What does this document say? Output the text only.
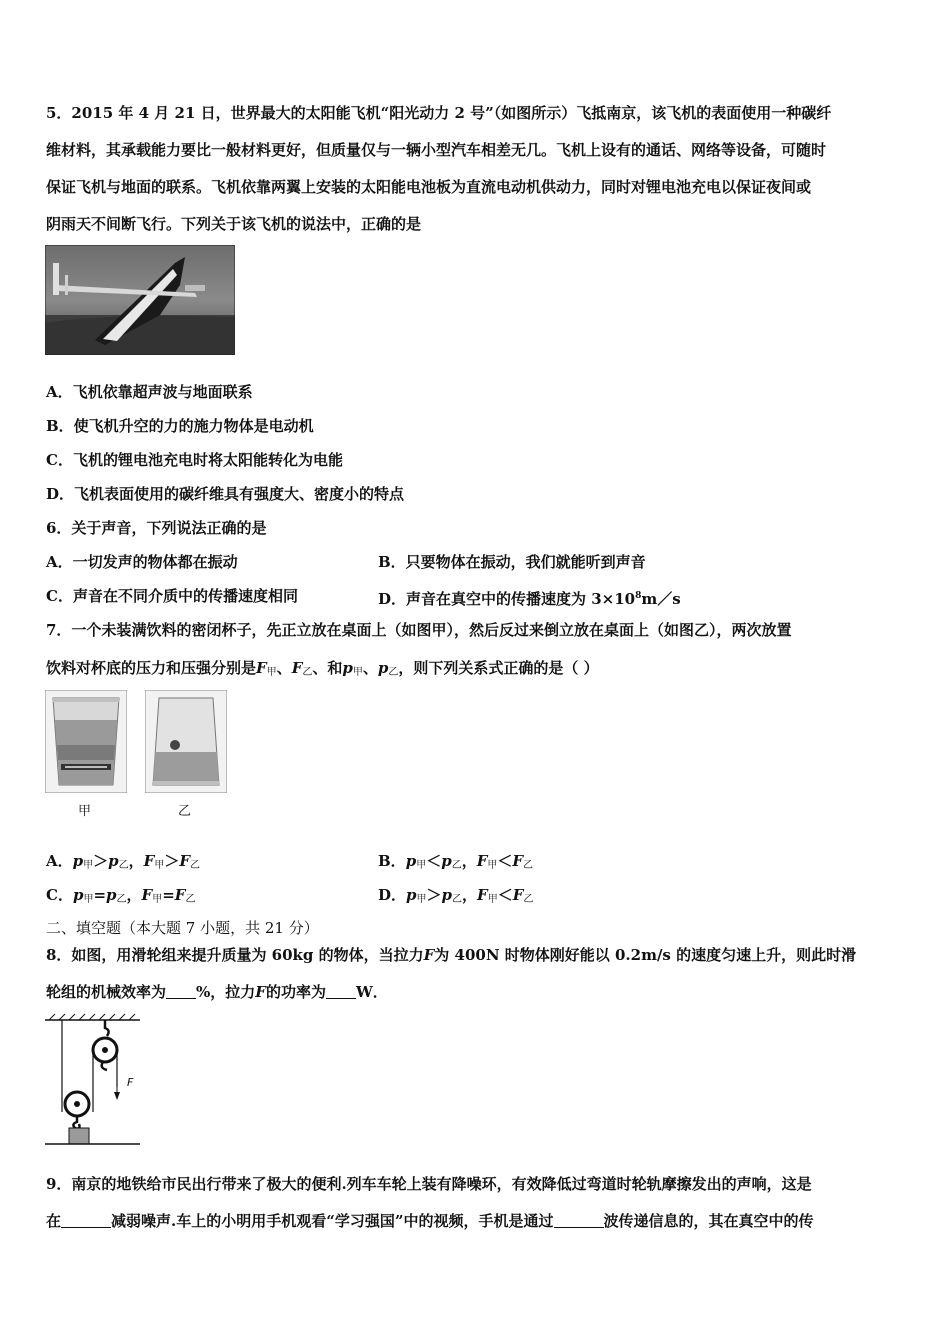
5．2015 年 4 月 21 日，世界最大的太阳能飞机“阳光动力 2 号”（如图所示）飞抵南京，该飞机的表面使用一种碳纤
维材料，其承载能力要比一般材料更好，但质量仅与一辆小型汽车相差无几。飞机上设有的通话、网络等设备，可随时
保证飞机与地面的联系。飞机依靠两翼上安装的太阳能电池板为直流电动机供动力，同时对锂电池充电以保证夜间或
阴雨天不间断飞行。下列关于该飞机的说法中，正确的是
A．飞机依靠超声波与地面联系
B．使飞机升空的力的施力物体是电动机
C．飞机的锂电池充电时将太阳能转化为电能
D．飞机表面使用的碳纤维具有强度大、密度小的特点
6．关于声音，下列说法正确的是
A．一切发声的物体都在振动	B．只要物体在振动，我们就能听到声音
C．声音在不同介质中的传播速度相同	D．声音在真空中的传播速度为 $3\times 10^8m/s$
7．一个未装满饮料的密闭杯子，先正立放在桌面上（如图甲），然后反过来倒立放在桌面上（如图乙），两次放置
饮料对杯底的压力和压强分别是$F_甲$、$F_乙$、和$p_甲$、$p_乙$，则下列关系式正确的是（ ）
甲	乙
A．$p_甲>p_乙$，$F_甲>F_乙$	B．$p_甲<p_乙$，$F_甲<F_乙$
C．$p_甲=p_乙$，$F_甲=F_乙$	D．$p_甲>p_乙$，$F_甲<F_乙$
二、填空题（本大题 7 小题，共 21 分）
8．如图，用滑轮组来提升质量为 60kg 的物体，当拉力F为 400N 时物体刚好能以 0.2m/s 的速度匀速上升，则此时滑
轮组的机械效率为 %，拉力F的功率为 W．
F
9．南京的地铁给市民出行带来了极大的便利.列车车轮上装有降噪环，有效降低过弯道时轮轨摩擦发出的声响，这是
在	减弱噪声.车上的小明用手机观看“学习强国”中的视频，手机是通过	波传递信息的，其在真空中的传
